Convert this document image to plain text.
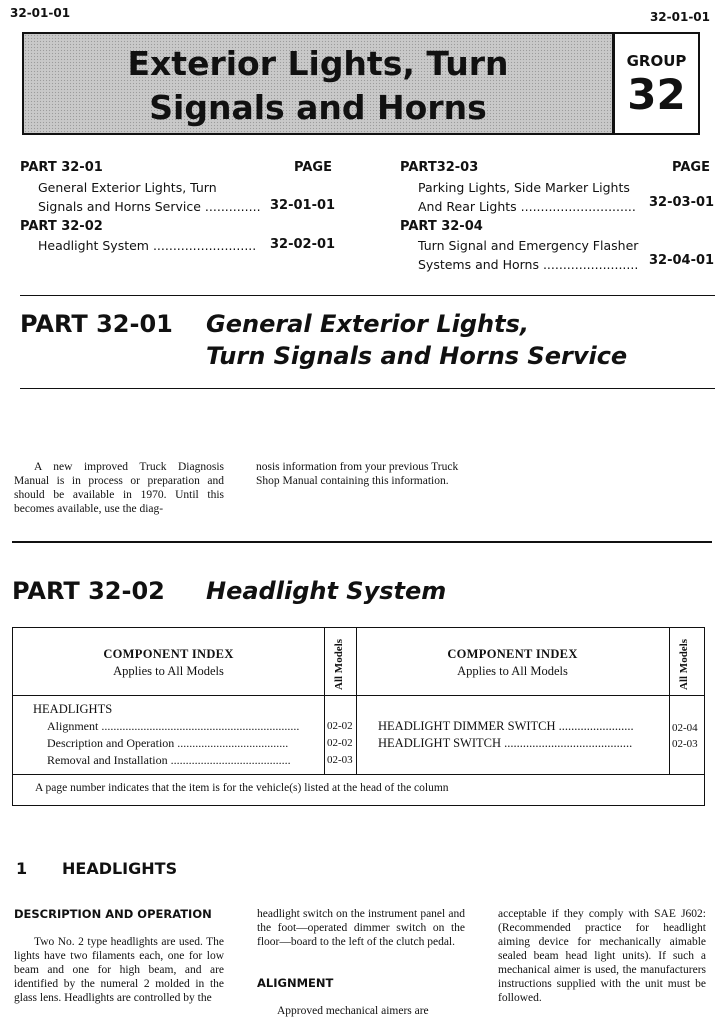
32-01-01	32-01-01
Exterior Lights, Turn
Signals and Horns
GROUP
32
PART 32-01	PAGE
General Exterior Lights, Turn
Signals and Horns Service .............. 32-01-01
PART 32-02
Headlight System .......................... 32-02-01
PART32-03	PAGE
Parking Lights, Side Marker Lights
And Rear Lights ............................. 32-03-01
PART 32-04
Turn Signal and Emergency Flasher
Systems and Horns ........................ 32-04-01
PART 32-01 General Exterior Lights,
Turn Signals and Horns Service
A new improved Truck Diagnosis Manual is in process or preparation and should be available in 1970. Until this becomes available, use the diag-
nosis information from your previous Truck Shop Manual containing this information.
PART 32-02 Headlight System
COMPONENT INDEX
Applies to All Models
COMPONENT INDEX
Applies to All Models
All Models	All Models
HEADLIGHTS
Alignment ..................................................................	02-02
Description and Operation .....................................	02-02
Removal and Installation ........................................	02-03
HEADLIGHT DIMMER SWITCH ........................	02-04
HEADLIGHT SWITCH .........................................	02-03
A page number indicates that the item is for the vehicle(s) listed at the head of the column
1 HEADLIGHTS
DESCRIPTION AND OPERATION
Two No. 2 type headlights are used. The lights have two filaments each, one for low beam and one for high beam, and are identified by the numeral 2 molded in the glass lens. Headlights are controlled by the
headlight switch on the instrument panel and the foot—operated dimmer switch on the floor—board to the left of the clutch pedal.
ALIGNMENT
Approved mechanical aimers are
acceptable if they comply with SAE J602: (Recommended practice for headlight aiming device for mechanically aimable sealed beam head light units). If such a mechanical aimer is used, the manufacturers instructions supplied with the unit must be followed.
